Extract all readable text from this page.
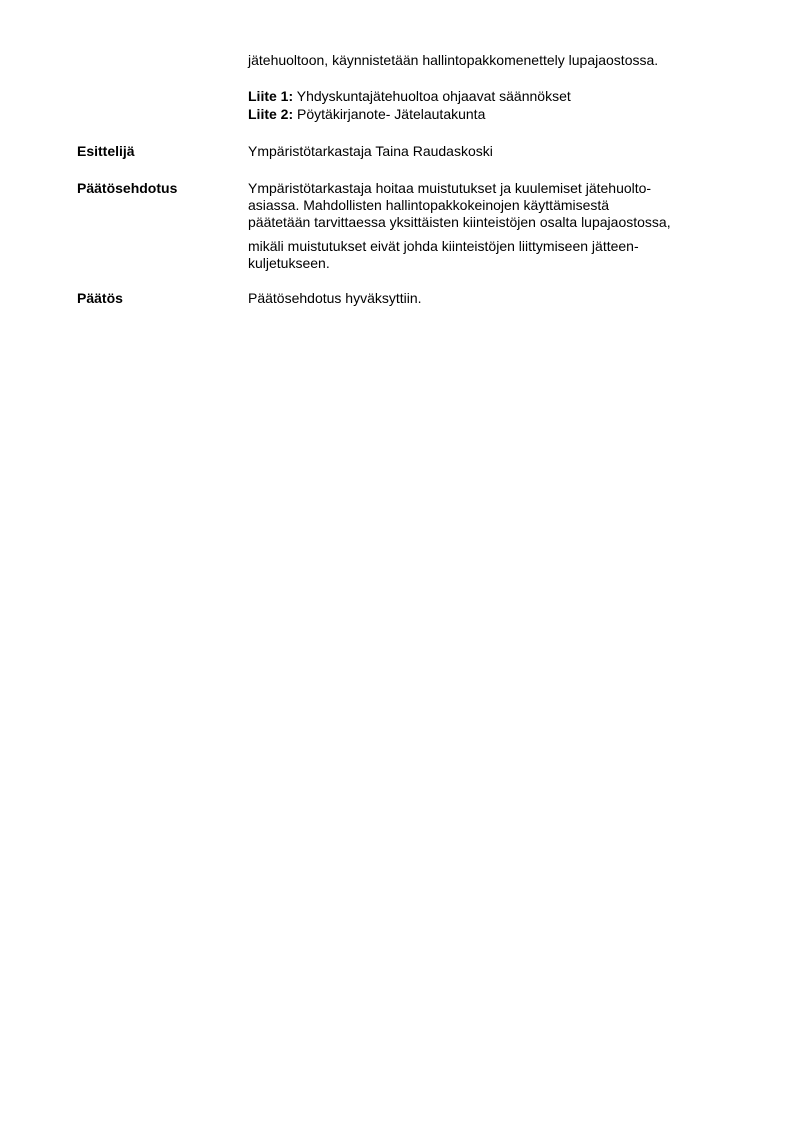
jätehuoltoon, käynnistetään hallintopakkomenettely lupajaostossa.
Liite 1: Yhdyskuntajätehuoltoa ohjaavat säännökset
Liite 2: Pöytäkirjanote- Jätelautakunta
Esittelijä	Ympäristötarkastaja Taina Raudaskoski
Päätösehdotus	Ympäristötarkastaja hoitaa muistutukset ja kuulemiset jätehuolto-
asiassa. Mahdollisten hallintopakkokeinojen käyttämisestä
päätetään tarvittaessa yksittäisten kiinteistöjen osalta lupajaostossa,
mikäli muistutukset eivät johda kiinteistöjen liittymiseen jätteen-
kuljetukseen.
Päätös	Päätösehdotus hyväksyttiin.
